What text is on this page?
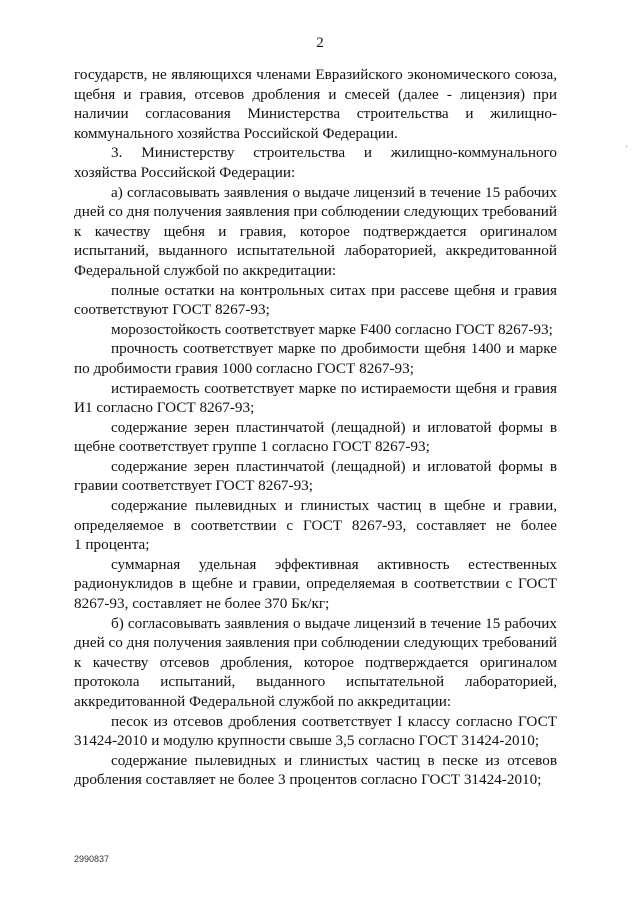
2
государств, не являющихся членами Евразийского экономического союза,
щебня и гравия, отсевов дробления и смесей (далее - лицензия) при
наличии согласования Министерства строительства и жилищно-
коммунального хозяйства Российской Федерации.
3. Министерству строительства и жилищно-коммунального
хозяйства Российской Федерации:
а) согласовывать заявления о выдаче лицензий в течение 15 рабочих
дней со дня получения заявления при соблюдении следующих требований
к качеству щебня и гравия, которое подтверждается оригиналом
испытаний, выданного испытательной лабораторией, аккредитованной
Федеральной службой по аккредитации:
полные остатки на контрольных ситах при рассеве щебня и гравия
соответствуют ГОСТ 8267-93;
морозостойкость соответствует марке F400 согласно ГОСТ 8267-93;
прочность соответствует марке по дробимости щебня 1400 и марке
по дробимости гравия 1000 согласно ГОСТ 8267-93;
истираемость соответствует марке по истираемости щебня и гравия
И1 согласно ГОСТ 8267-93;
содержание зерен пластинчатой (лещадной) и игловатой формы в
щебне соответствует группе 1 согласно ГОСТ 8267-93;
содержание зерен пластинчатой (лещадной) и игловатой формы в
гравии соответствует ГОСТ 8267-93;
содержание пылевидных и глинистых частиц в щебне и гравии,
определяемое в соответствии с ГОСТ 8267-93, составляет не более
1 процента;
суммарная удельная эффективная активность естественных
радионуклидов в щебне и гравии, определяемая в соответствии с ГОСТ
8267-93, составляет не более 370 Бк/кг;
б) согласовывать заявления о выдаче лицензий в течение 15 рабочих
дней со дня получения заявления при соблюдении следующих требований
к качеству отсевов дробления, которое подтверждается оригиналом
протокола испытаний, выданного испытательной лабораторией,
аккредитованной Федеральной службой по аккредитации:
песок из отсевов дробления соответствует I классу согласно ГОСТ
31424-2010 и модулю крупности свыше 3,5 согласно ГОСТ 31424-2010;
содержание пылевидных и глинистых частиц в песке из отсевов
дробления составляет не более 3 процентов согласно ГОСТ 31424-2010;
'
2990837
